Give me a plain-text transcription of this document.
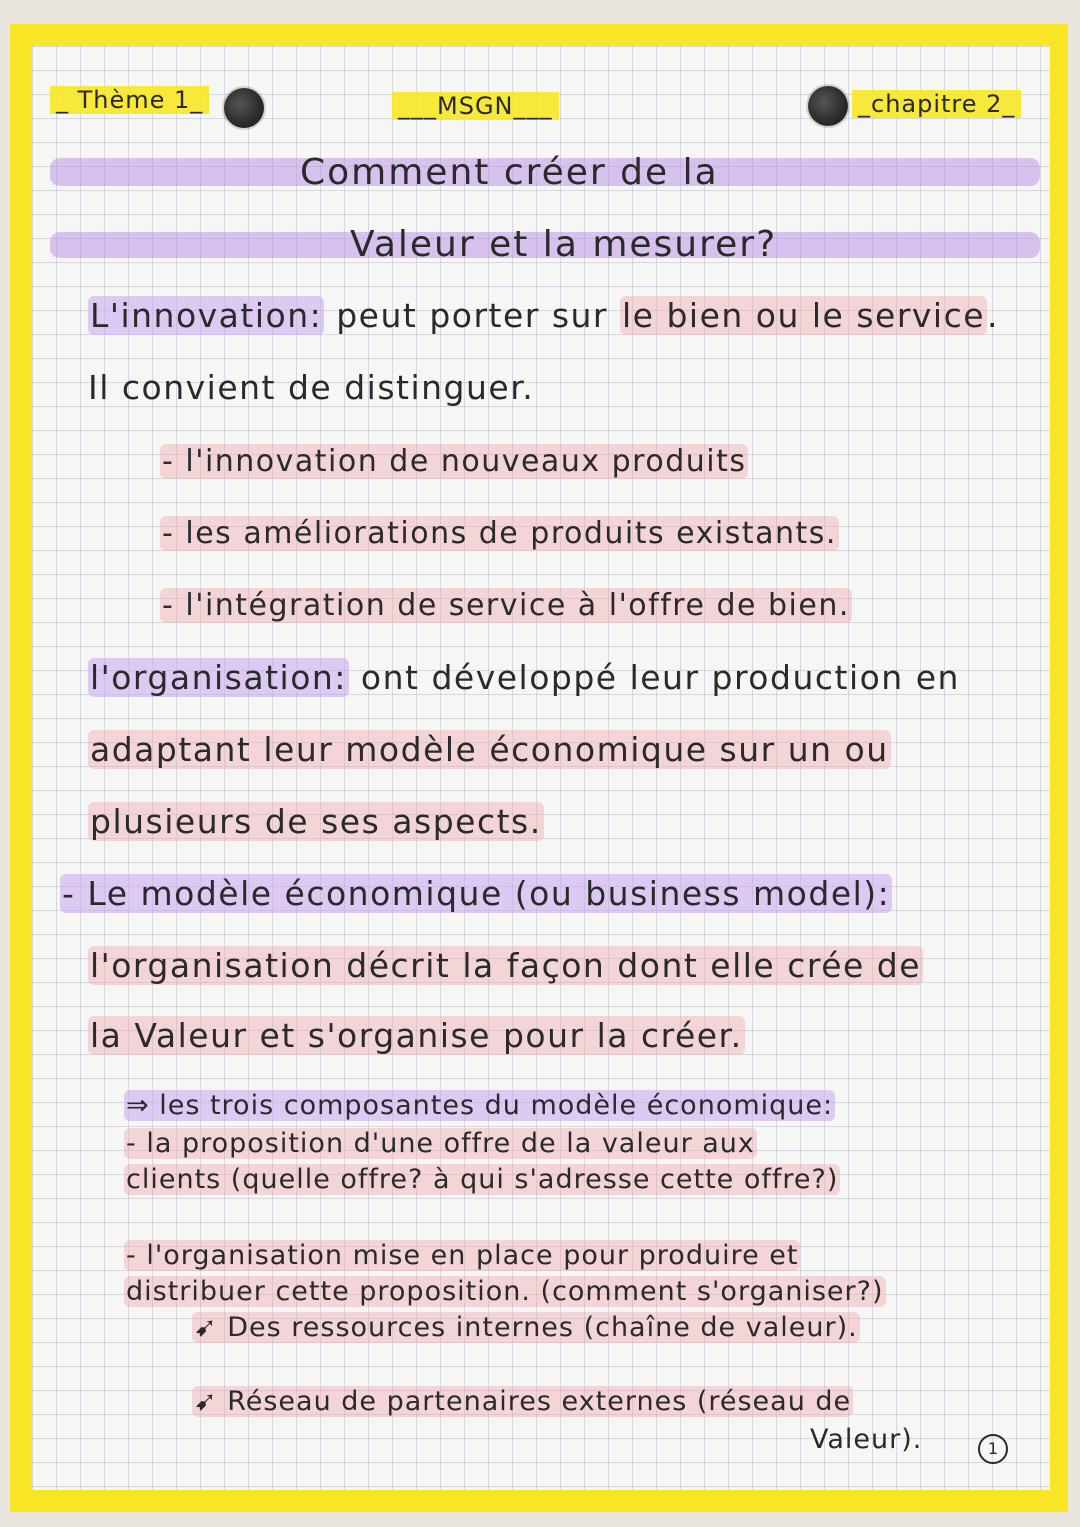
_ Thème 1_	___MSGN___	_chapitre 2_
Comment créer de la
Valeur et la mesurer?
L'innovation: peut porter sur le bien ou le service.
Il convient de distinguer.
- l'innovation de nouveaux produits
- les améliorations de produits existants.
- l'intégration de service à l'offre de bien.
l'organisation: ont développé leur production en
adaptant leur modèle économique sur un ou
plusieurs de ses aspects.
- Le modèle économique (ou business model):
l'organisation décrit la façon dont elle crée de
la Valeur et s'organise pour la créer.
⇒ les trois composantes du modèle économique:
- la proposition d'une offre de la valeur aux
clients (quelle offre? à qui s'adresse cette offre?)
- l'organisation mise en place pour produire et
distribuer cette proposition. (comment s'organiser?)
➹ Des ressources internes (chaîne de valeur).
➹ Réseau de partenaires externes (réseau de
Valeur).	1
